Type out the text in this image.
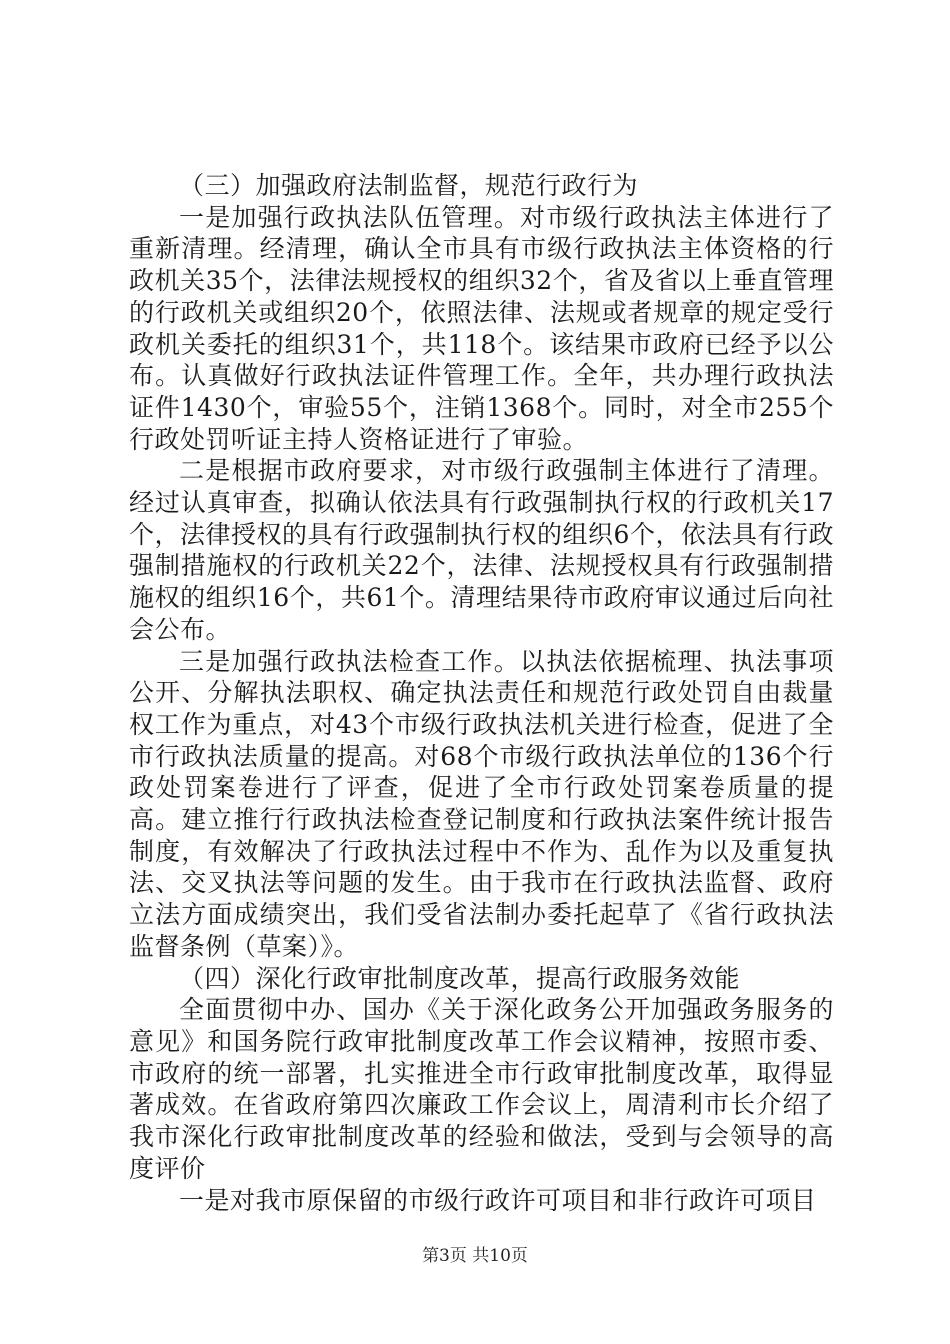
（三）加强政府法制监督，规范行政行为

一是加强行政执法队伍管理。对市级行政执法主体进行了重新清理。经清理，确认全市具有市级行政执法主体资格的行政机关35个，法律法规授权的组织32个，省及省以上垂直管理的行政机关或组织20个，依照法律、法规或者规章的规定受行政机关委托的组织31个，共118个。该结果市政府已经予以公布。认真做好行政执法证件管理工作。全年，共办理行政执法证件1430个，审验55个，注销1368个。同时，对全市255个行政处罚听证主持人资格证进行了审验。

二是根据市政府要求，对市级行政强制主体进行了清理。经过认真审查，拟确认依法具有行政强制执行权的行政机关17个，法律授权的具有行政强制执行权的组织6个，依法具有行政强制措施权的行政机关22个，法律、法规授权具有行政强制措施权的组织16个，共61个。清理结果待市政府审议通过后向社会公布。

三是加强行政执法检查工作。以执法依据梳理、执法事项公开、分解执法职权、确定执法责任和规范行政处罚自由裁量权工作为重点，对43个市级行政执法机关进行检查，促进了全市行政执法质量的提高。对68个市级行政执法单位的136个行政处罚案卷进行了评查，促进了全市行政处罚案卷质量的提高。建立推行行政执法检查登记制度和行政执法案件统计报告制度，有效解决了行政执法过程中不作为、乱作为以及重复执法、交叉执法等问题的发生。由于我市在行政执法监督、政府立法方面成绩突出，我们受省法制办委托起草了《省行政执法监督条例（草案）》。

（四）深化行政审批制度改革，提高行政服务效能

全面贯彻中办、国办《关于深化政务公开加强政务服务的意见》和国务院行政审批制度改革工作会议精神，按照市委、市政府的统一部署，扎实推进全市行政审批制度改革，取得显著成效。在省政府第四次廉政工作会议上，周清利市长介绍了我市深化行政审批制度改革的经验和做法，受到与会领导的高度评价

一是对我市原保留的市级行政许可项目和非行政许可项目

第3页 共10页
